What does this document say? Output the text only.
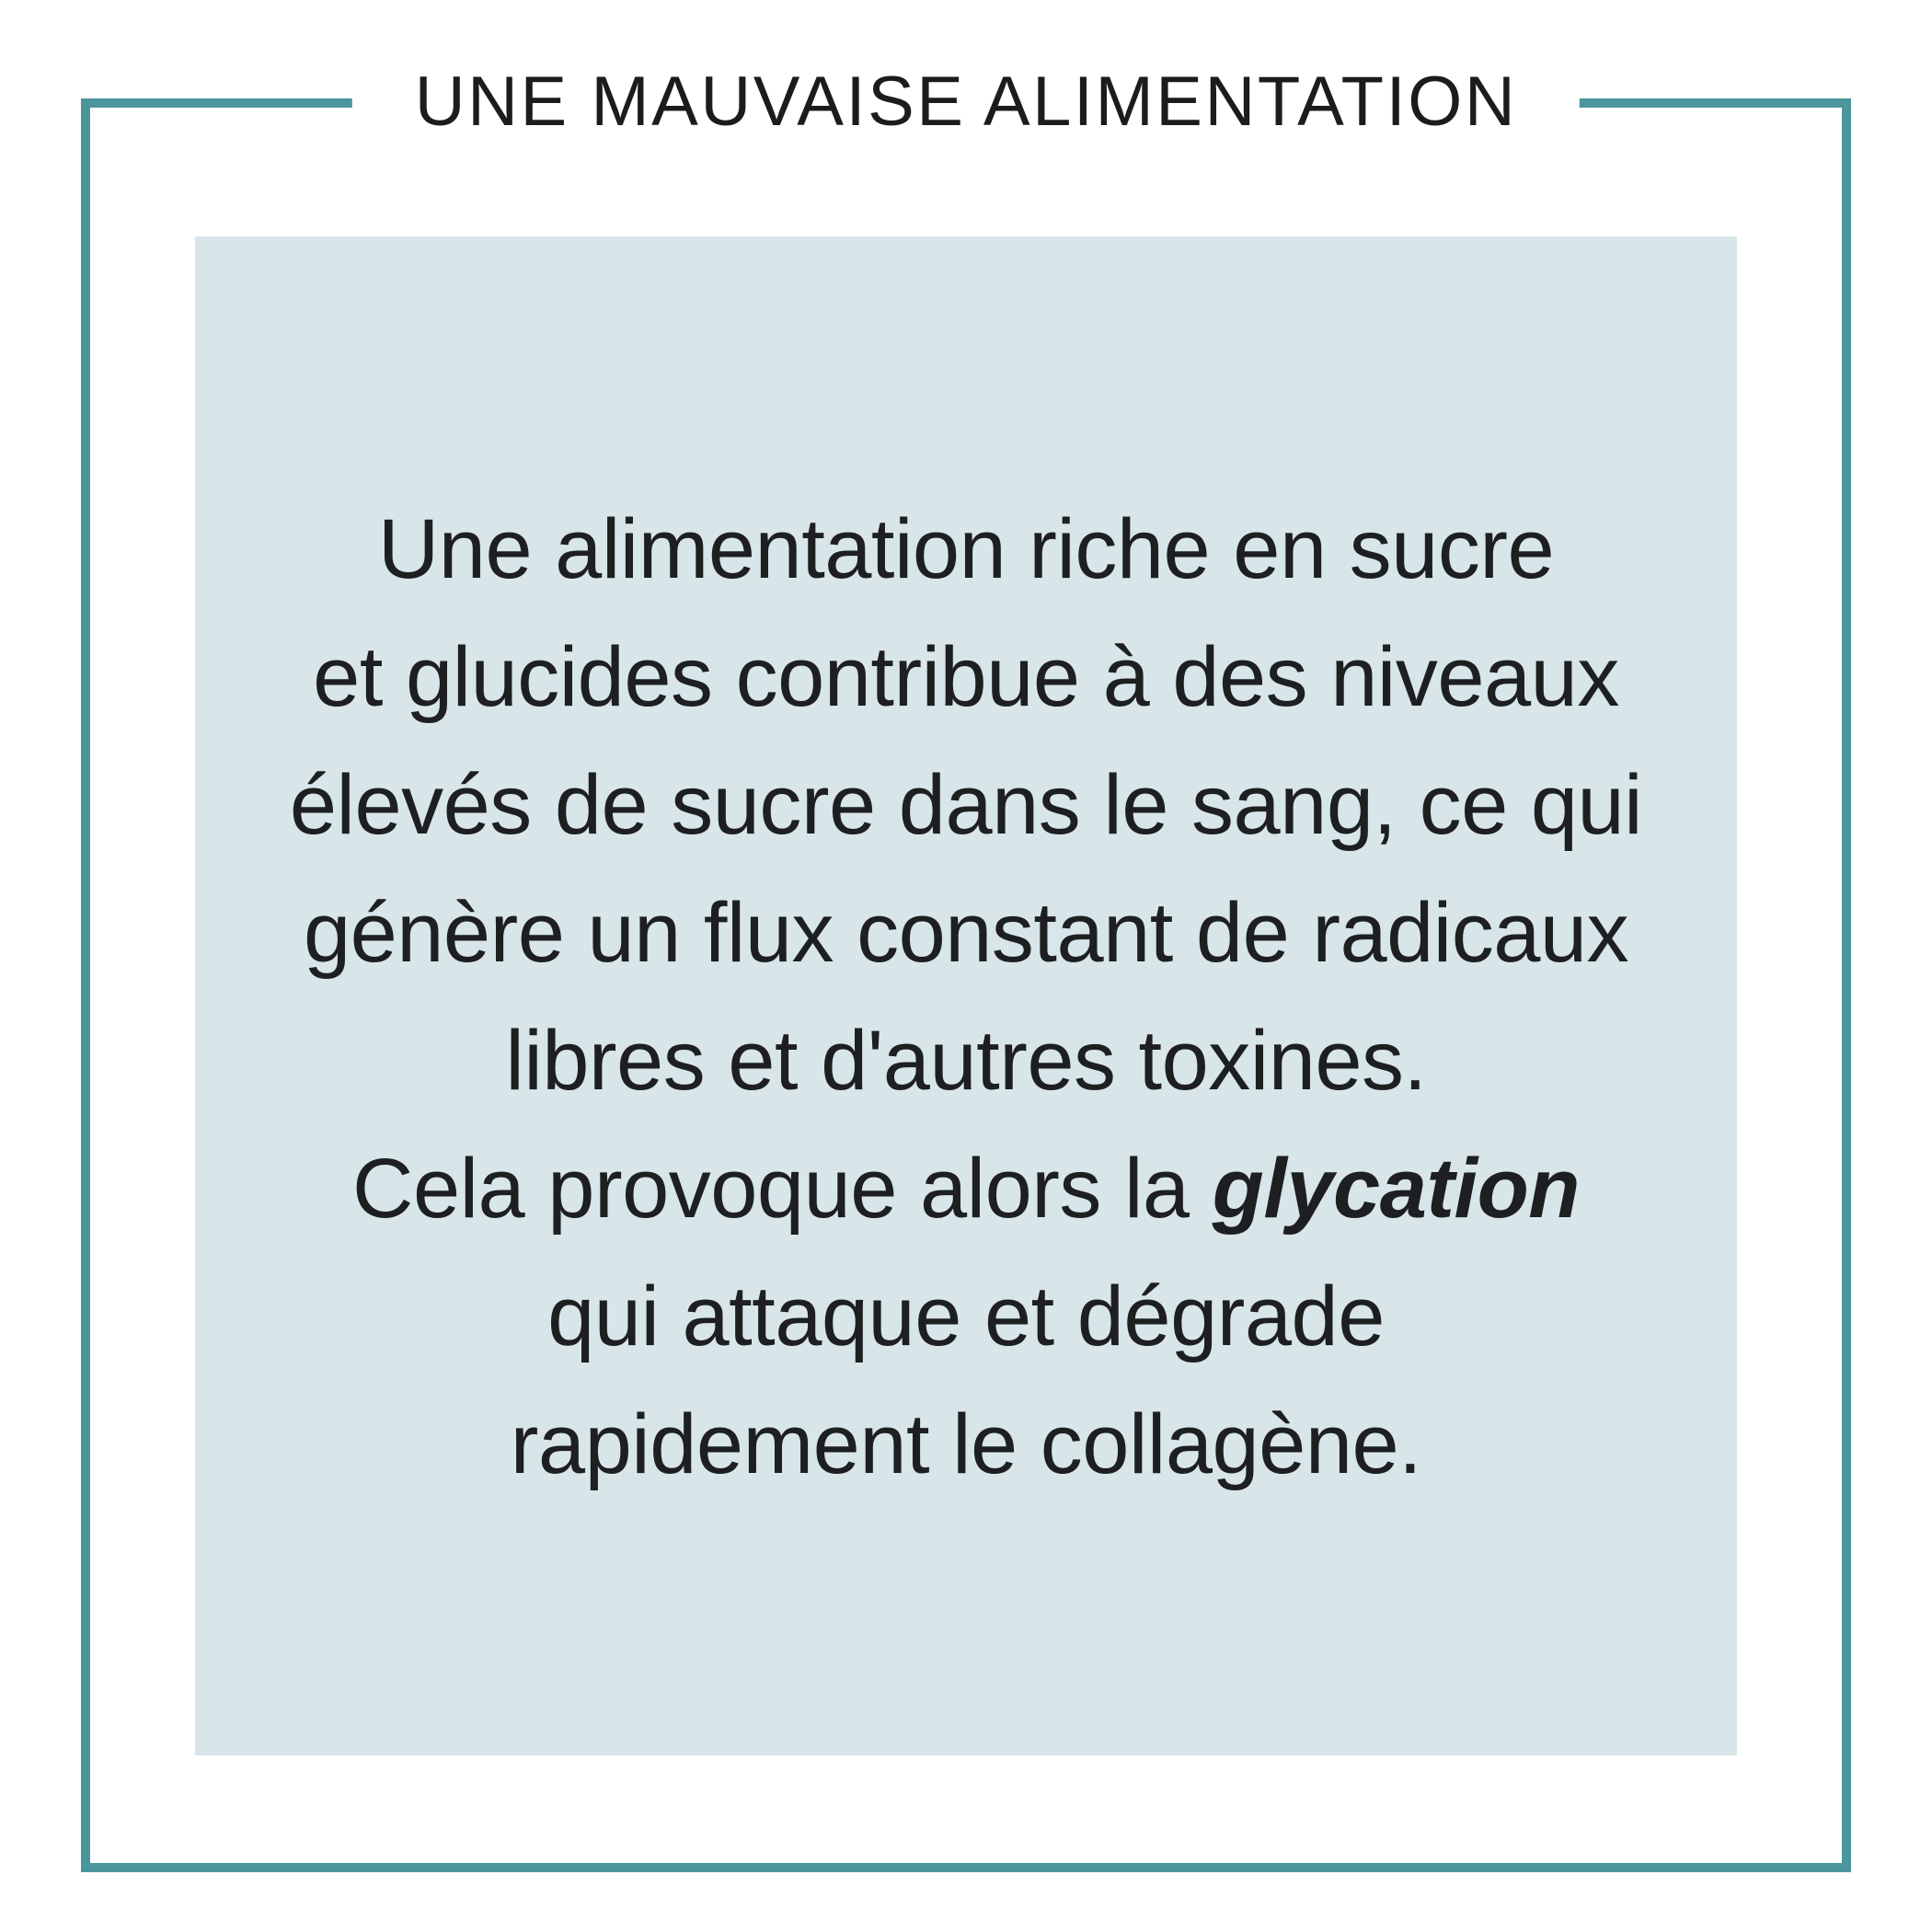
UNE MAUVAISE ALIMENTATION
Une alimentation riche en sucre
et glucides contribue à des niveaux
élevés de sucre dans le sang, ce qui
génère un flux constant de radicaux
libres et d'autres toxines.
Cela provoque alors la glycation
qui attaque et dégrade
rapidement le collagène.
